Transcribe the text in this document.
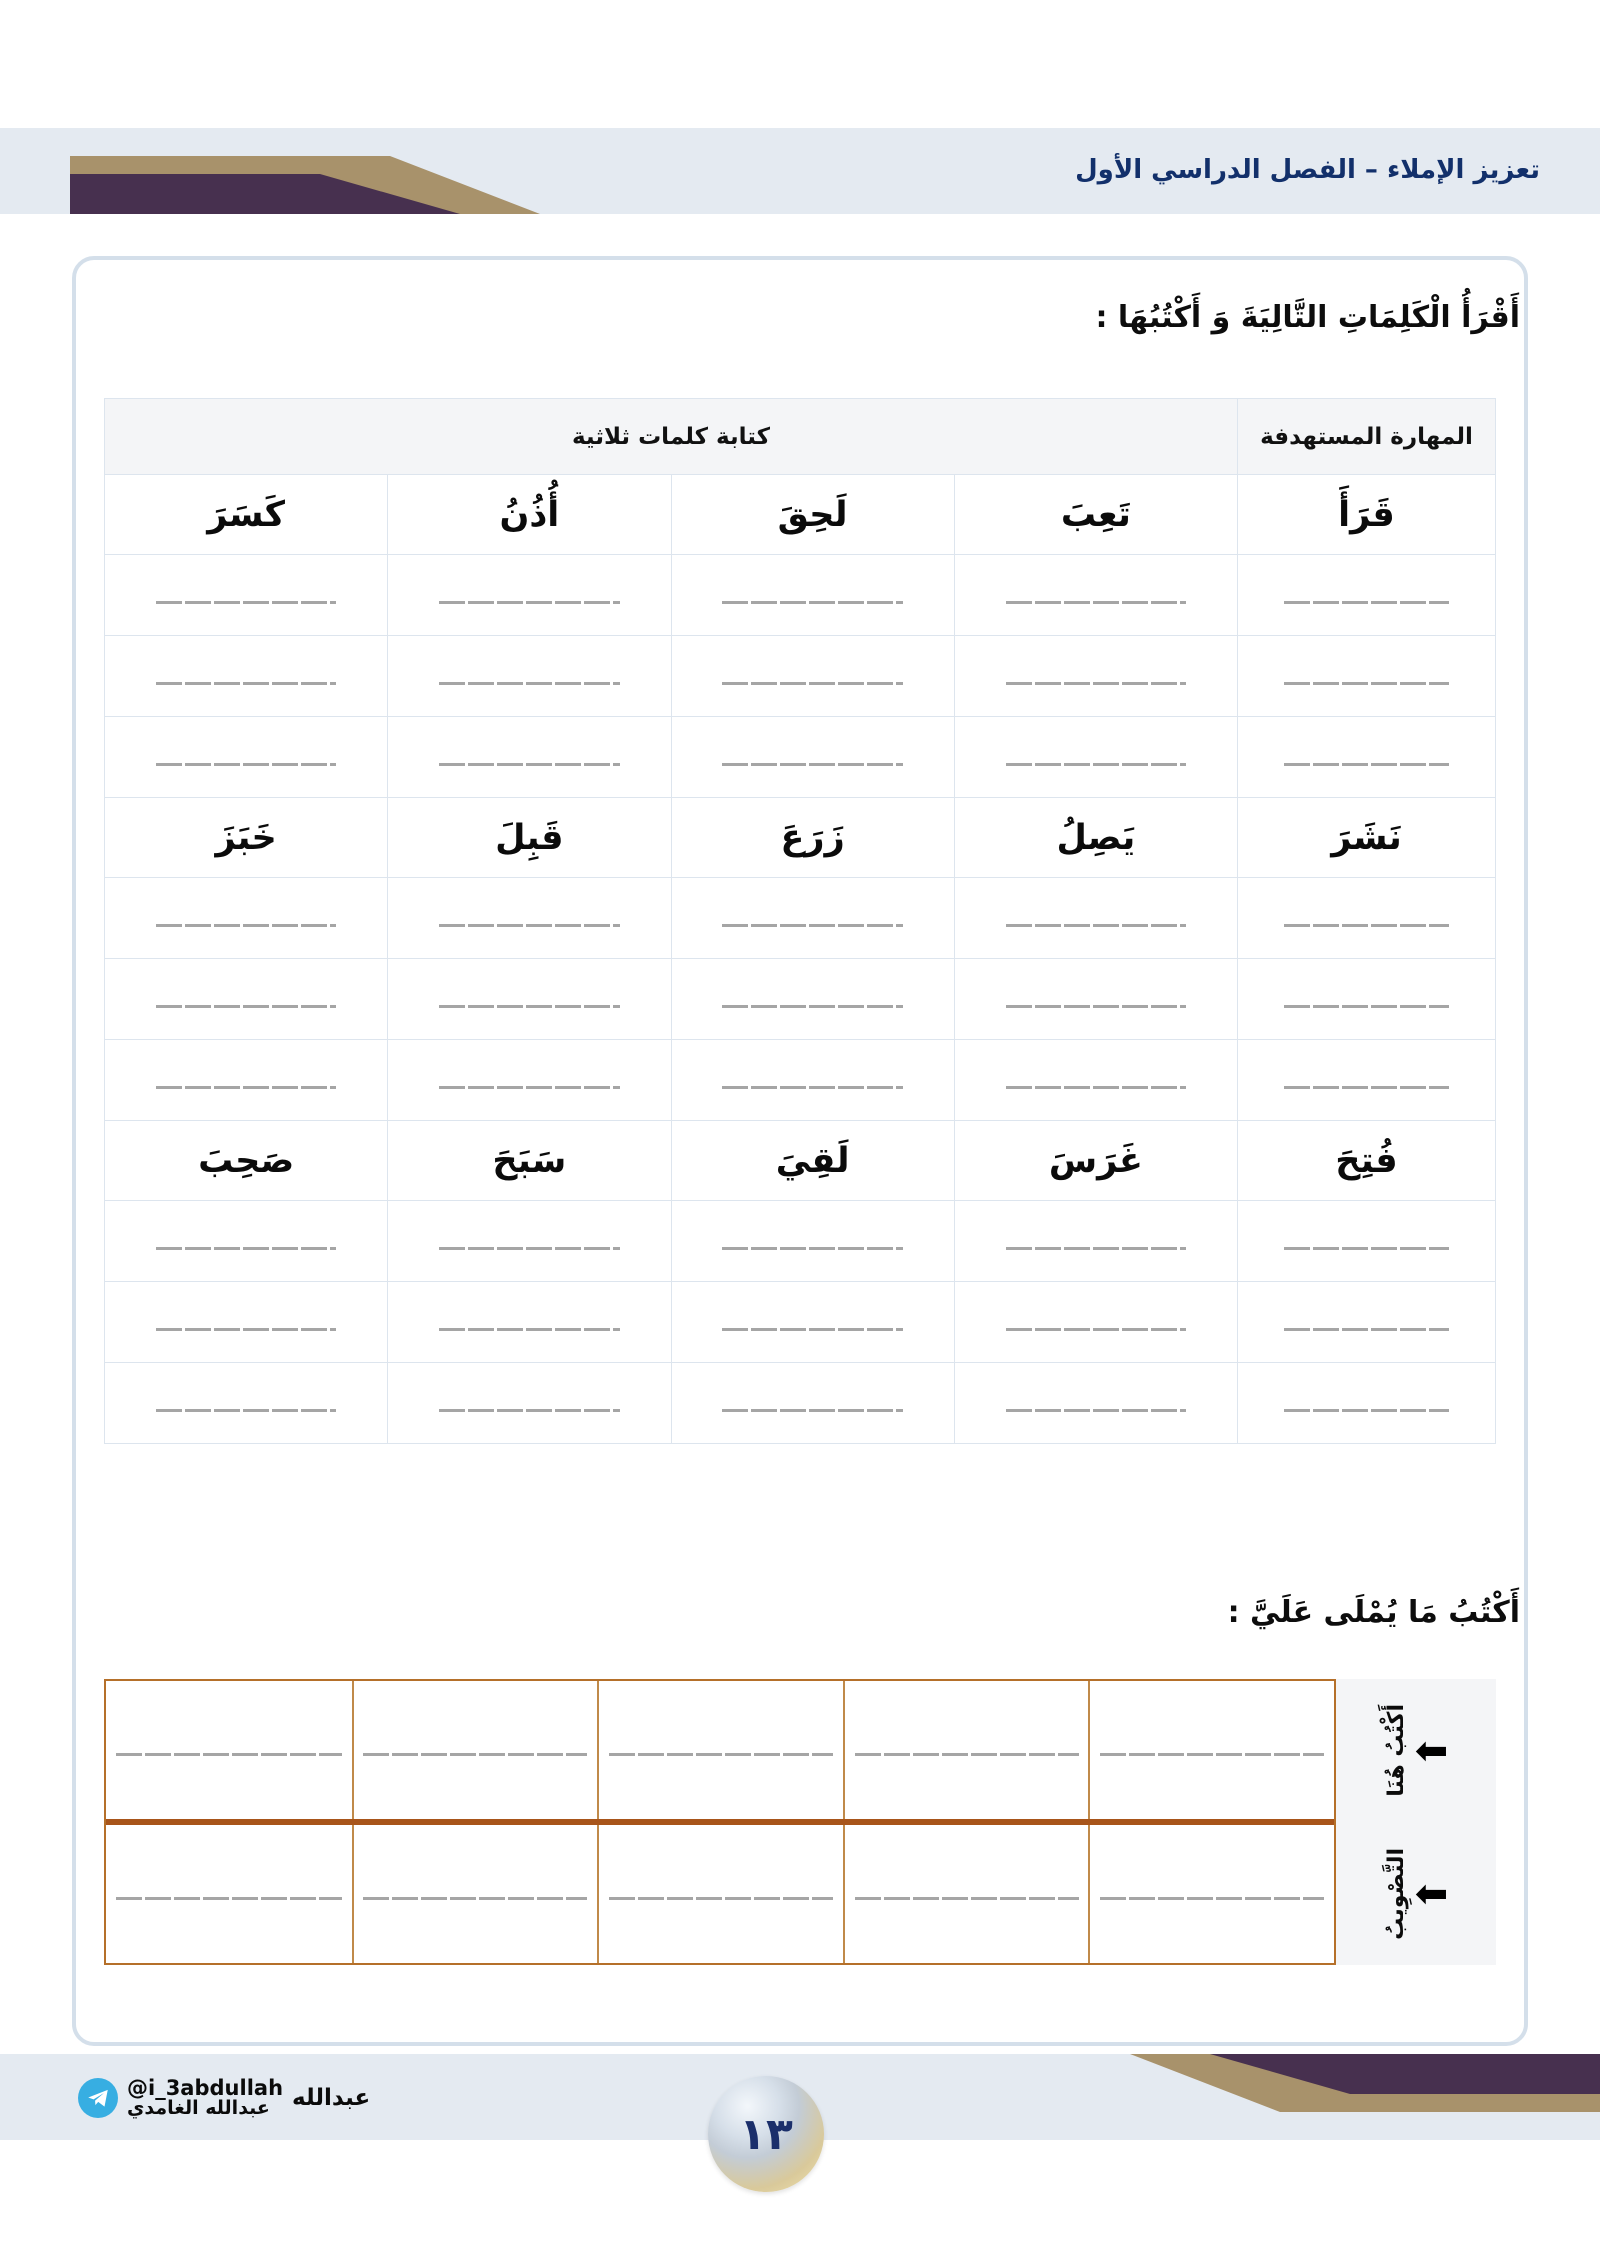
تعزيز الإملاء – الفصل الدراسي الأول
أَقْرَأُ الْكَلِمَاتِ التَّالِيَةَ وَ أَكْتُبُهَا :
المهارة المستهدفة	كتابة كلمات ثلاثية			
قَرَأَ	تَعِبَ	لَحِقَ	أُذُنُ	كَسَرَ

نَشَرَ	يَصِلُ	زَرَعَ	قَبِلَ	خَبَزَ

فُتِحَ	غَرَسَ	لَقِيَ	سَبَحَ	صَحِبَ

أَكْتُبُ مَا يُمْلَى عَلَيَّ :
أَكْتُبُ هُنَا ⬅
التَّصْوِيبُ ⬅
١٣
@i_3abdullah
عبدالله الغامدي عبدالله
